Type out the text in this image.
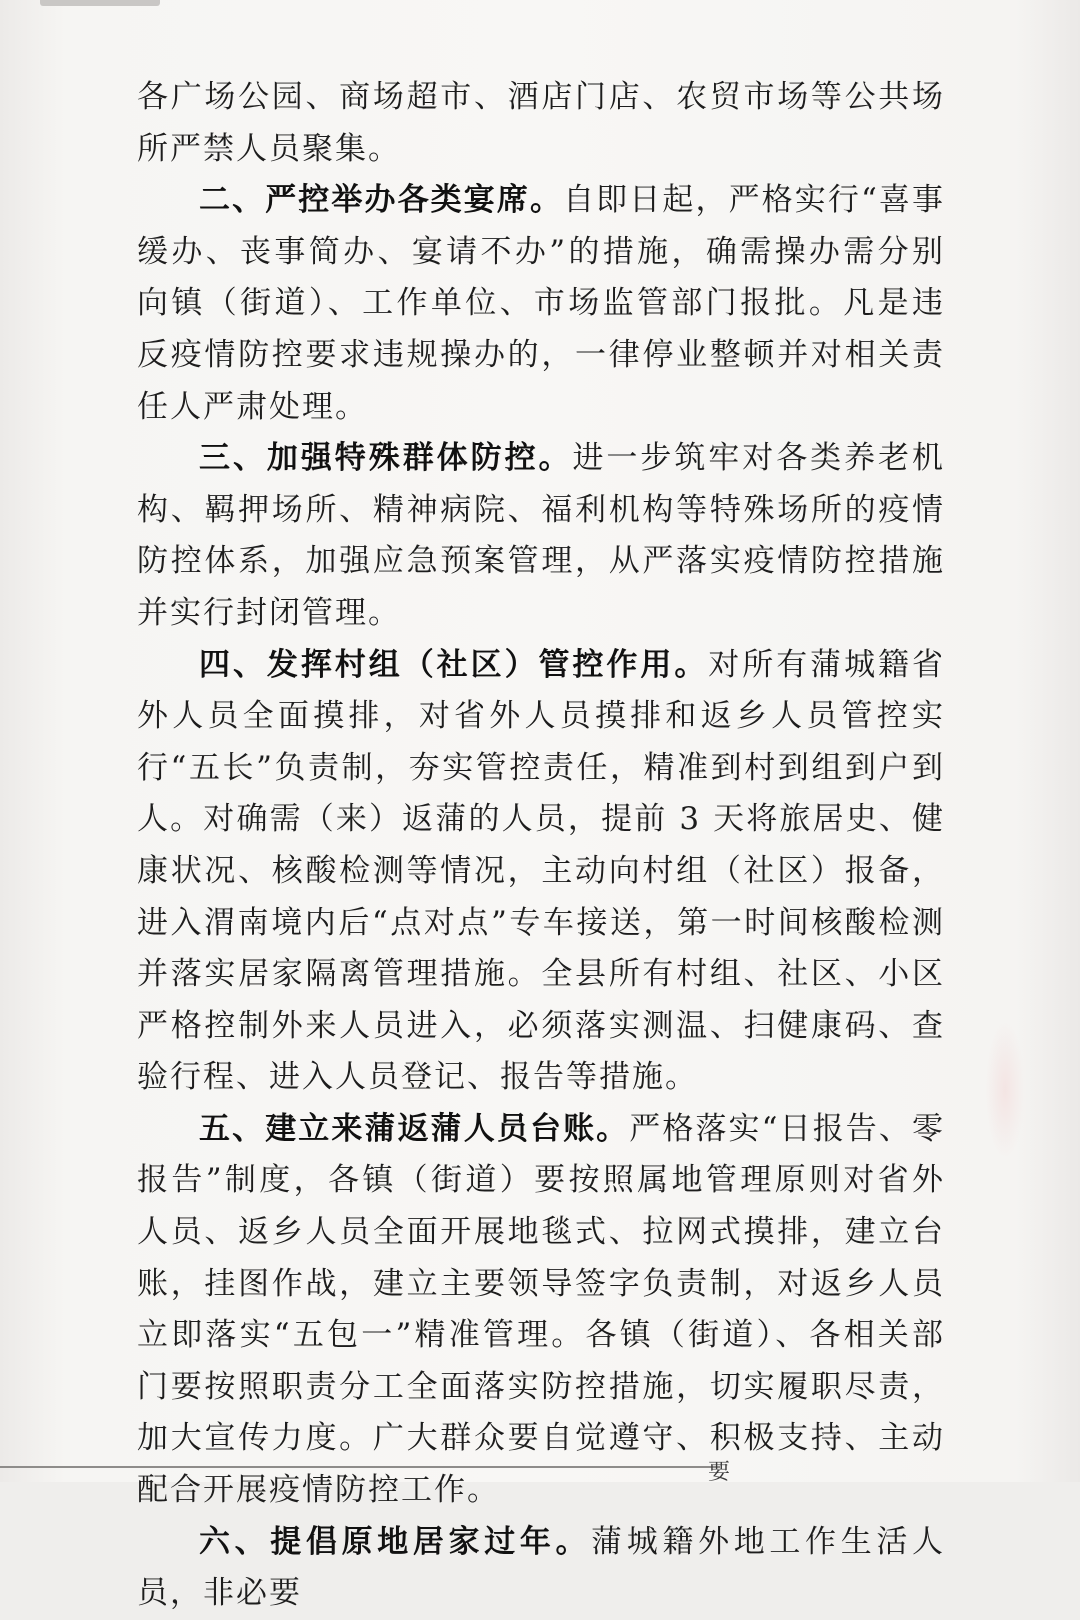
各广场公园、商场超市、酒店门店、农贸市场等公共场所严禁人员聚集。

二、严控举办各类宴席。自即日起，严格实行“喜事缓办、丧事简办、宴请不办”的措施，确需操办需分别向镇（街道）、工作单位、市场监管部门报批。凡是违反疫情防控要求违规操办的，一律停业整顿并对相关责任人严肃处理。

三、加强特殊群体防控。进一步筑牢对各类养老机构、羁押场所、精神病院、福利机构等特殊场所的疫情防控体系，加强应急预案管理，从严落实疫情防控措施并实行封闭管理。

四、发挥村组（社区）管控作用。对所有蒲城籍省外人员全面摸排，对省外人员摸排和返乡人员管控实行“五长”负责制，夯实管控责任，精准到村到组到户到人。对确需（来）返蒲的人员，提前 3 天将旅居史、健康状况、核酸检测等情况，主动向村组（社区）报备，进入渭南境内后“点对点”专车接送，第一时间核酸检测并落实居家隔离管理措施。全县所有村组、社区、小区严格控制外来人员进入，必须落实测温、扫健康码、查验行程、进入人员登记、报告等措施。

五、建立来蒲返蒲人员台账。严格落实“日报告、零报告”制度，各镇（街道）要按照属地管理原则对省外人员、返乡人员全面开展地毯式、拉网式摸排，建立台账，挂图作战，建立主要领导签字负责制，对返乡人员立即落实“五包一”精准管理。各镇（街道）、各相关部门要按照职责分工全面落实防控措施，切实履职尽责，加大宣传力度。广大群众要自觉遵守、积极支持、主动配合开展疫情防控工作。

六、提倡原地居家过年。蒲城籍外地工作生活人员，非必要

要
